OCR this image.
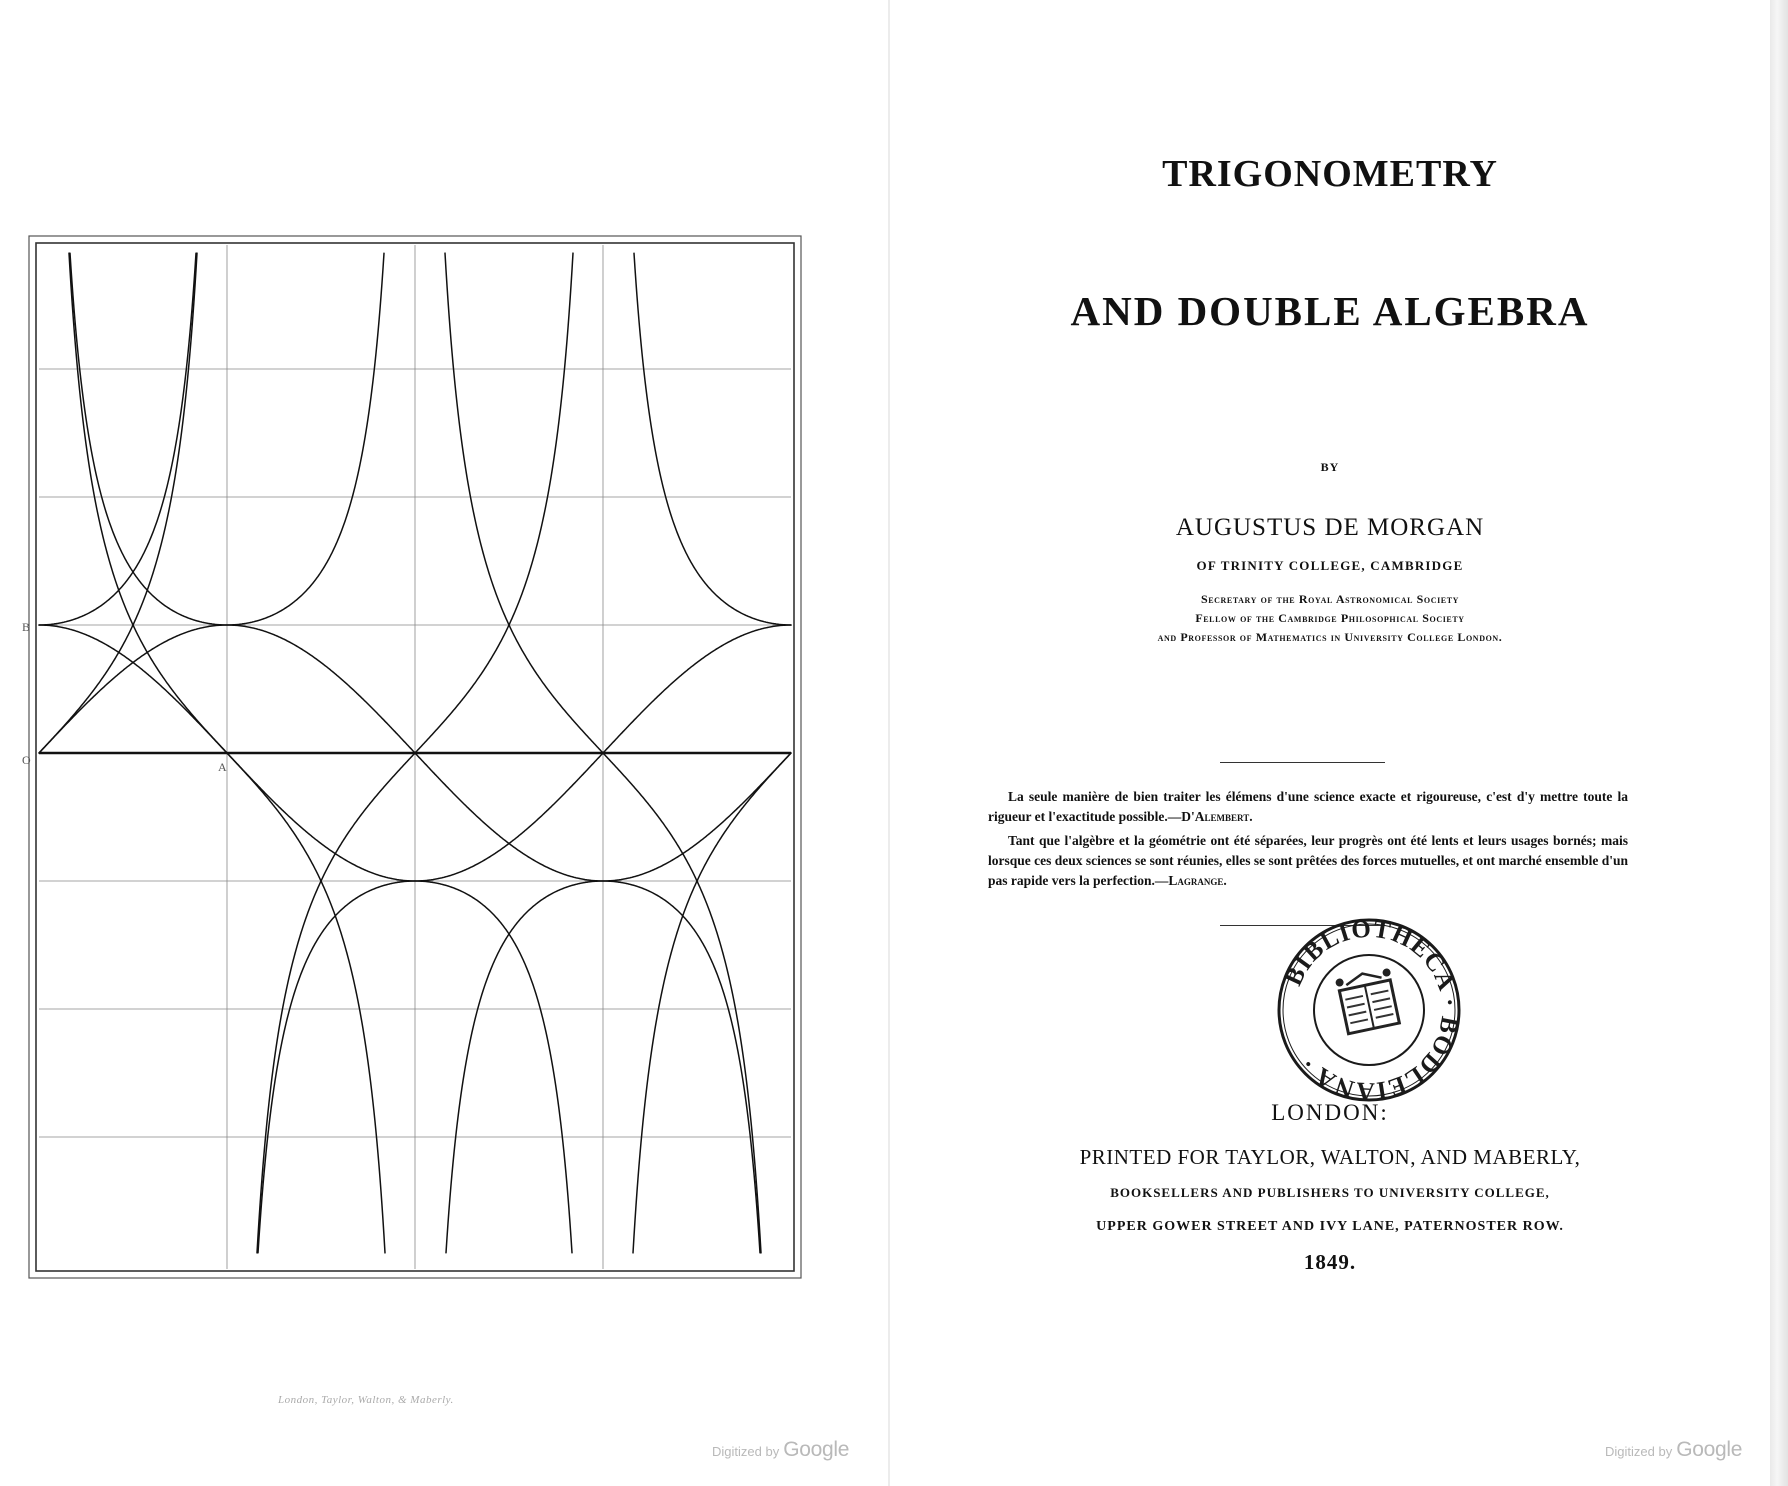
B
O	A
London, Taylor, Walton, & Maberly.
Digitized by Google
TRIGONOMETRY
AND DOUBLE ALGEBRA
BY
AUGUSTUS DE MORGAN
OF TRINITY COLLEGE, CAMBRIDGE
Secretary of the Royal Astronomical Society
Fellow of the Cambridge Philosophical Society
and Professor of Mathematics in University College London.

La seule manière de bien traiter les élémens d'une science exacte et rigoureuse, c'est d'y mettre toute la rigueur et l'exactitude possible.—D'Alembert.

Tant que l'algèbre et la géométrie ont été séparées, leur progrès ont été lents et leurs usages bornés; mais lorsque ces deux sciences se sont réunies, elles se sont prêtées des forces mutuelles, et ont marché ensemble d'un pas rapide vers la perfection.—Lagrange.

BIBLIOTHECA · BODLEIANA ·
LONDON:
PRINTED FOR TAYLOR, WALTON, AND MABERLY,
BOOKSELLERS AND PUBLISHERS TO UNIVERSITY COLLEGE,
UPPER GOWER STREET AND IVY LANE, PATERNOSTER ROW.
1849.
Digitized by Google
